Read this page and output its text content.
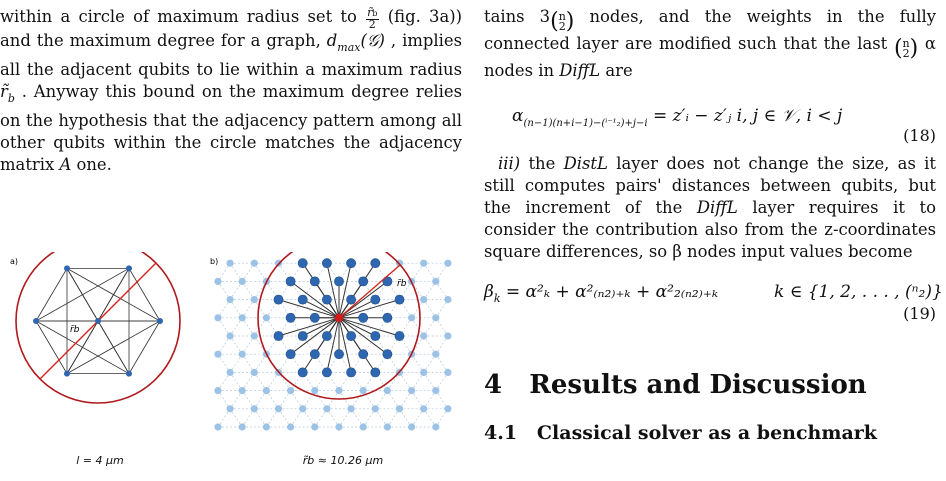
within a circle of maximum radius set to $\frac{r̃b}{2} (fig$. 3a)) and the maximum degree for a graph, $d_{max}(𝒢)$ , implies all the adjacent qubits to lie within a maximum radius $r̃_b$ . Anyway this bound on the maximum degree relies on the hypothesis that the adjacency pattern among all other qubits within the circle matches the adjacency matrix A one.

a)
r̃b
l = 4 μm
b)
r̃b
r̃b ≈ 10.26 μm

tains 3( n
2 ) nodes, and the weights in the fully connected layer are modified such that the last ( n
2 ) α nodes in DiffL are

$\alpha_{(n-1)(n+i-1)-(^{i-1}_2)+j-i}$ = z′ᵢ − z′ⱼ i, j ∈ 𝒱, i < j
(18)

iii) the DistL layer does not change the size, as it still computes pairs' distances between qubits, but the increment of the DiffL layer requires it to consider the contribution also from the z-coordinates square differences, so β nodes input values become

$\beta_k = \alpha^2_k + \alpha^2_{(n2)+k} + \alpha^2_{2(n2)+k}$	k ∈ {1, 2, . . . , (ⁿ₂)}
(19)
4 Results and Discussion
4.1 Classical solver as a benchmark
